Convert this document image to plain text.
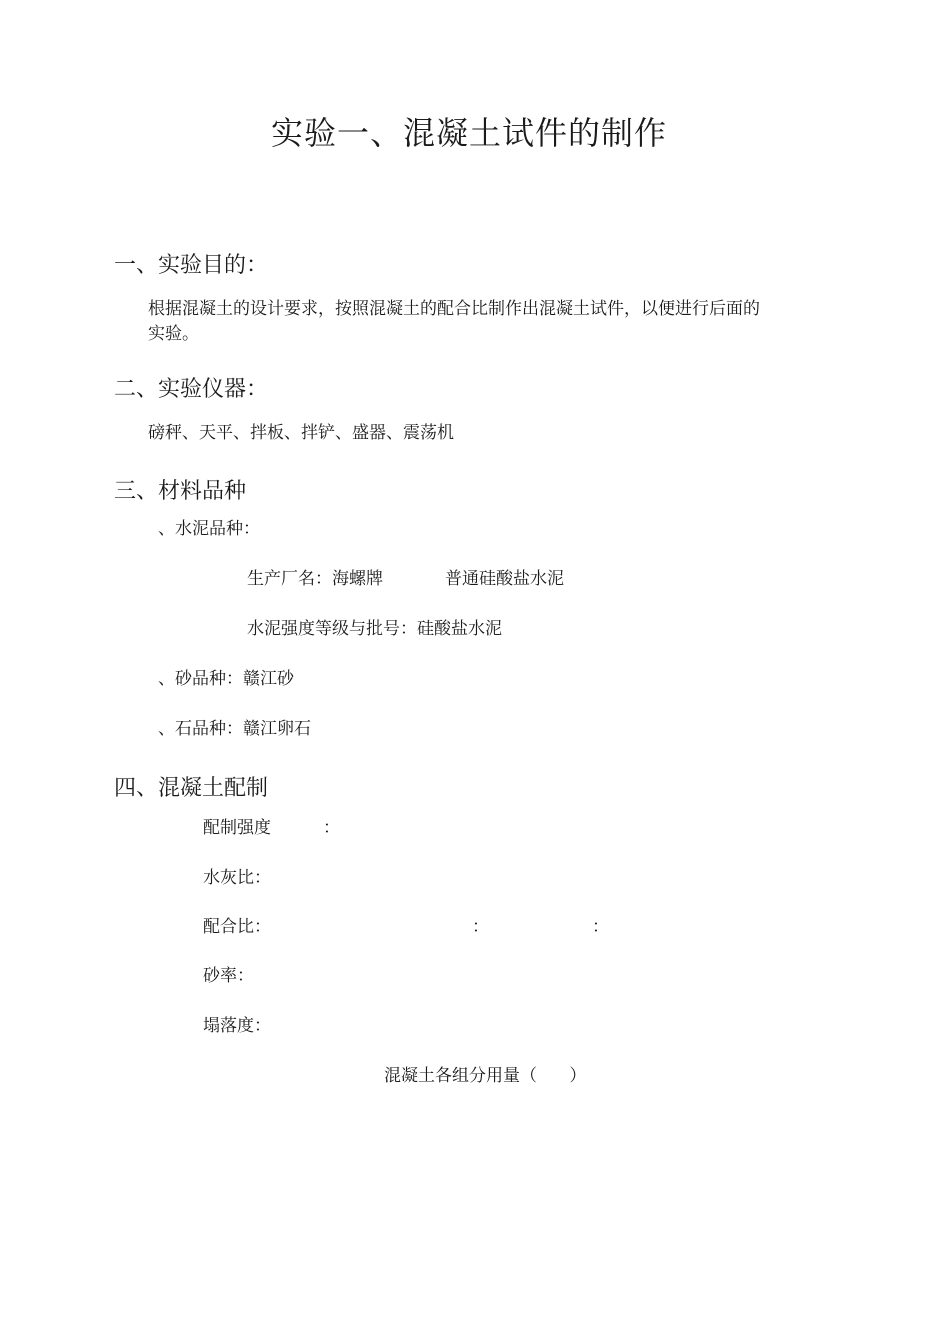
实验一、混凝土试件的制作
一、实验目的：
根据混凝土的设计要求，按照混凝土的配合比制作出混凝土试件，以便进行后面的
实验。
二、实验仪器：
磅秤、天平、拌板、拌铲、盛器、震荡机
三、材料品种
、水泥品种：
生产厂名：海螺牌	普通硅酸盐水泥
水泥强度等级与批号：硅酸盐水泥
、砂品种：赣江砂
、石品种：赣江卵石
四、混凝土配制
配制强度	：
水灰比：
配合比：	：	：
砂率：
塌落度：
混凝土各组分用量（      ）
